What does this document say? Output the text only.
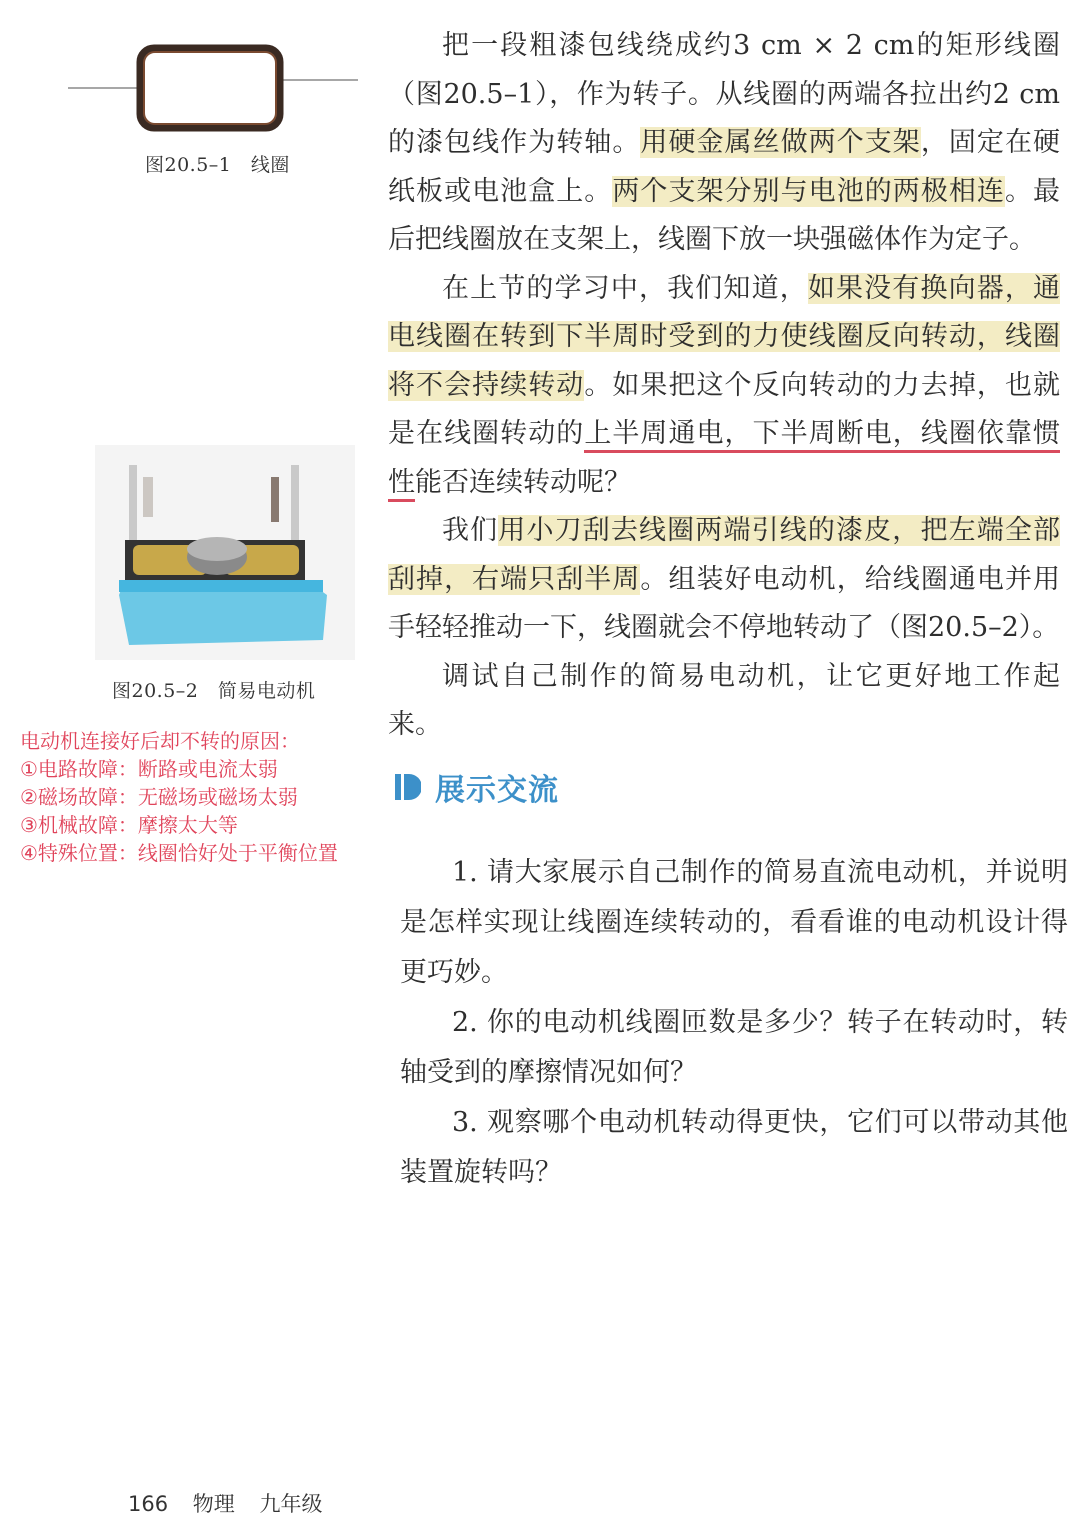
图20.5–1　线圈
图20.5–2　简易电动机

把一段粗漆包线绕成约3 cm × 2 cm的矩形线圈（图20.5–1），作为转子。从线圈的两端各拉出约2 cm的漆包线作为转轴。用硬金属丝做两个支架，固定在硬纸板或电池盒上。两个支架分别与电池的两极相连。最后把线圈放在支架上，线圈下放一块强磁体作为定子。

在上节的学习中，我们知道，如果没有换向器，通电线圈在转到下半周时受到的力使线圈反向转动，线圈将不会持续转动。如果把这个反向转动的力去掉，也就是在线圈转动的上半周通电，下半周断电，线圈依靠惯性能否连续转动呢？

我们用小刀刮去线圈两端引线的漆皮，把左端全部刮掉，右端只刮半周。组装好电动机，给线圈通电并用手轻轻推动一下，线圈就会不停地转动了（图20.5–2）。

调试自己制作的简易电动机，让它更好地工作起来。

电动机连接好后却不转的原因：
①电路故障：断路或电流太弱
②磁场故障：无磁场或磁场太弱
③机械故障：摩擦太大等
④特殊位置：线圈恰好处于平衡位置
展示交流

1. 请大家展示自己制作的简易直流电动机，并说明是怎样实现让线圈连续转动的，看看谁的电动机设计得更巧妙。

2. 你的电动机线圈匝数是多少？转子在转动时，转轴受到的摩擦情况如何？

3. 观察哪个电动机转动得更快，它们可以带动其他装置旋转吗？

166 物理 九年级
